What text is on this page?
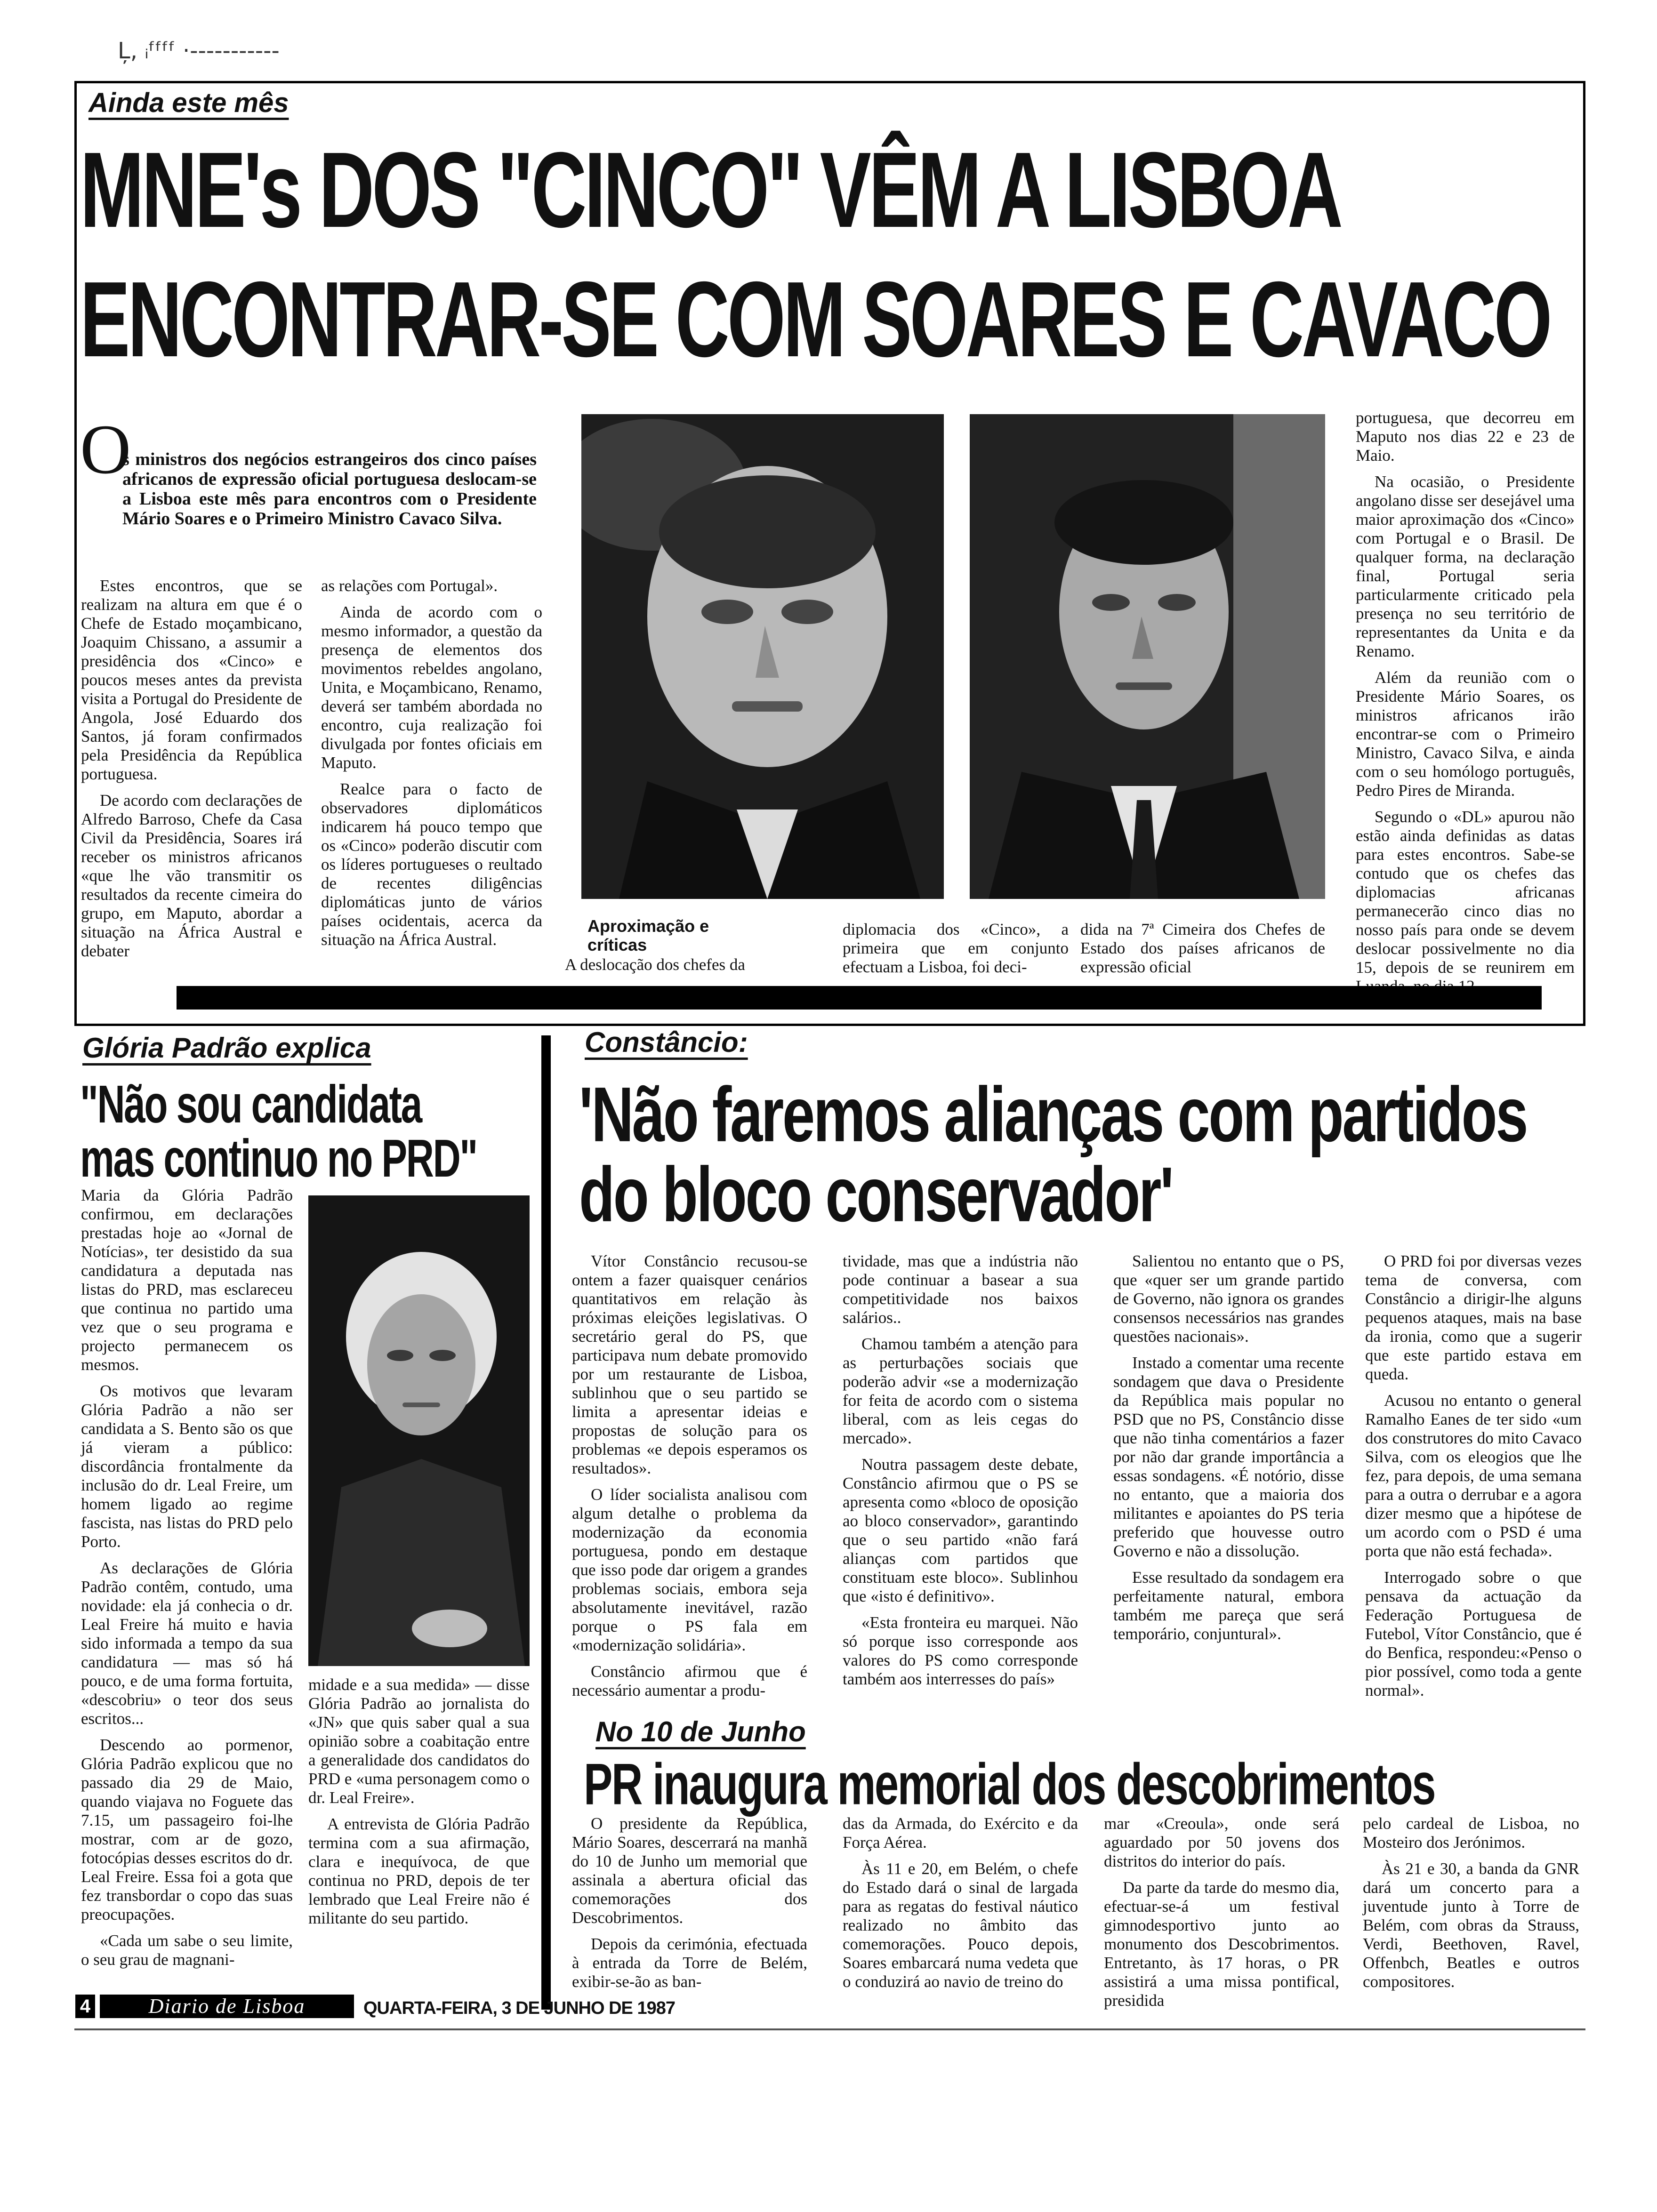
Ļ, ᵢᶠᶠᶠᶠ ·-----------
Ainda este mês
MNE's DOS "CINCO" VÊM A LISBOA
ENCONTRAR-SE COM SOARES E CAVACO
O
s ministros dos negócios estrangeiros dos cinco países africanos de expressão oficial portuguesa deslocam-se a Lisboa este mês para encontros com o Presidente Mário Soares e o Primeiro Ministro Cavaco Silva.

Estes encontros, que se realizam na altura em que é o Chefe de Estado moçambicano, Joaquim Chissano, a assumir a presidência dos «Cinco» e poucos meses antes da prevista visita a Portugal do Presidente de Angola, José Eduardo dos Santos, já foram confirmados pela Presidência da República portuguesa.

De acordo com declarações de Alfredo Barroso, Chefe da Casa Civil da Presidência, Soares irá receber os ministros africanos «que lhe vão transmitir os resultados da recente cimeira do grupo, em Maputo, abordar a situação na África Austral e debater

as relações com Portugal».

Ainda de acordo com o mesmo informador, a questão da presença de elementos dos movimentos rebeldes angolano, Unita, e Moçambicano, Renamo, deverá ser também abordada no encontro, cuja realização foi divulgada por fontes oficiais em Maputo.

Realce para o facto de observadores diplomáticos indicarem há pouco tempo que os «Cinco» poderão discutir com os líderes portugueses o reultado de recentes diligências diplomáticas junto de vários países ocidentais, acerca da situação na África Austral.

Aproximação e críticas

A deslocação dos chefes da

diplomacia dos «Cinco», a primeira que em conjunto efectuam a Lisboa, foi deci-

dida na 7ª Cimeira dos Chefes de Estado dos países africanos de expressão oficial

portuguesa, que decorreu em Maputo nos dias 22 e 23 de Maio.

Na ocasião, o Presidente angolano disse ser desejável uma maior aproximação dos «Cinco» com Portugal e o Brasil. De qualquer forma, na declaração final, Portugal seria particularmente criticado pela presença no seu território de representantes da Unita e da Renamo.

Além da reunião com o Presidente Mário Soares, os ministros africanos irão encontrar-se com o Primeiro Ministro, Cavaco Silva, e ainda com o seu homólogo português, Pedro Pires de Miranda.

Segundo o «DL» apurou não estão ainda definidas as datas para estes encontros. Sabe-se contudo que os chefes das diplomacias africanas permanecerão cinco dias no nosso país para onde se devem deslocar possivelmente no dia 15, depois de se reunirem em

Glória Padrão explica
"Não sou candidata
mas continuo no PRD"

Maria da Glória Padrão confirmou, em declarações prestadas hoje ao «Jornal de Notícias», ter desistido da sua candidatura a deputada nas listas do PRD, mas esclareceu que continua no partido uma vez que o seu programa e projecto permanecem os mesmos.

Os motivos que levaram Glória Padrão a não ser candidata a S. Bento são os que já vieram a público: discordância frontalmente da inclusão do dr. Leal Freire, um homem ligado ao regime fascista, nas listas do PRD pelo Porto.

As declarações de Glória Padrão contêm, contudo, uma novidade: ela já conhecia o dr. Leal Freire há muito e havia sido informada a tempo da sua candidatura — mas só há pouco, e de uma forma fortuita, «descobriu» o teor dos seus escritos...

Descendo ao pormenor, Glória Padrão explicou que no passado dia 29 de Maio, quando viajava no Foguete das 7.15, um passageiro foi-lhe mostrar, com ar de gozo, fotocópias desses escritos do dr. Leal Freire. Essa foi a gota que fez transbordar o copo das suas preocupações.

«Cada um sabe o seu limite, o seu grau de magnani-

midade e a sua medida» — disse Glória Padrão ao jornalista do «JN» que quis saber qual a sua opinião sobre a coabitação entre a generalidade dos candidatos do PRD e «uma personagem como o dr. Leal Freire».

A entrevista de Glória Padrão termina com a sua afirmação, clara e inequívoca, de que continua no PRD, depois de ter lembrado que Leal Freire não é militante do seu partido.

Constâncio:
'Não faremos alianças com partidos
do bloco conservador'

Vítor Constâncio recusou-se ontem a fazer quaisquer cenários quantitativos em relação às próximas eleições legislativas. O secretário geral do PS, que participava num debate promovido por um restaurante de Lisboa, sublinhou que o seu partido se limita a apresentar ideias e propostas de solução para os problemas «e depois esperamos os resultados».

O líder socialista analisou com algum detalhe o problema da modernização da economia portuguesa, pondo em destaque que isso pode dar origem a grandes problemas sociais, embora seja absolutamente inevitável, razão porque o PS fala em «modernização solidária».

Constâncio afirmou que é necessário aumentar a produ-

tividade, mas que a indústria não pode continuar a basear a sua competitividade nos baixos salários..

Chamou também a atenção para as perturbações sociais que poderão advir «se a modernização for feita de acordo com o sistema liberal, com as leis cegas do mercado».

Noutra passagem deste debate, Constâncio afirmou que o PS se apresenta como «bloco de oposição ao bloco conservador», garantindo que o seu partido «não fará alianças com partidos que constituam este bloco». Sublinhou que «isto é definitivo».

«Esta fronteira eu marquei. Não só porque isso corresponde aos valores do PS como corresponde também aos interresses do país»

Salientou no entanto que o PS, que «quer ser um grande partido de Governo, não ignora os grandes consensos necessários nas grandes questões nacionais».

Instado a comentar uma recente sondagem que dava o Presidente da República mais popular no PSD que no PS, Constâncio disse que não tinha comentários a fazer por não dar grande importância a essas sondagens. «É notório, disse no entanto, que a maioria dos militantes e apoiantes do PS teria preferido que houvesse outro Governo e não a dissolução.

Esse resultado da sondagem era perfeitamente natural, embora também me pareça que será temporário, conjuntural».

O PRD foi por diversas vezes tema de conversa, com Constâncio a dirigir-lhe alguns pequenos ataques, mais na base da ironia, como que a sugerir que este partido estava em queda.

Acusou no entanto o general Ramalho Eanes de ter sido «um dos construtores do mito Cavaco Silva, com os eleogios que lhe fez, para depois, de uma semana para a outra o derrubar e a agora dizer mesmo que a hipótese de um acordo com o PSD é uma porta que não está fechada».

Interrogado sobre o que pensava da actuação da Federação Portuguesa de Futebol, Vítor Constâncio, que é do Benfica, respondeu:«Penso o pior possível, como toda a gente normal».

No 10 de Junho
PR inaugura memorial dos descobrimentos

O presidente da República, Mário Soares, descerrará na manhã do 10 de Junho um memorial que assinala a abertura oficial das comemorações dos Descobrimentos.

Depois da cerimónia, efectuada à entrada da Torre de Belém, exibir-se-ão as ban-

das da Armada, do Exército e da Força Aérea.

Às 11 e 20, em Belém, o chefe do Estado dará o sinal de largada para as regatas do festival náutico realizado no âmbito das comemorações. Pouco depois, Soares embarcará numa vedeta que o conduzirá ao navio de treino do

mar «Creoula», onde será aguardado por 50 jovens dos distritos do interior do país.

Da parte da tarde do mesmo dia, efectuar-se-á um festival gimnodesportivo junto ao monumento dos Descobrimentos. Entretanto, às 17 horas, o PR assistirá a uma missa pontifical, presidida

pelo cardeal de Lisboa, no Mosteiro dos Jerónimos.

Às 21 e 30, a banda da GNR dará um concerto para a juventude junto à Torre de Belém, com obras da Strauss, Verdi, Beethoven, Ravel, Offenbch, Beatles e outros compositores.

4	Diario de Lisboa	QUARTA-FEIRA, 3 DE JUNHO DE 1987
